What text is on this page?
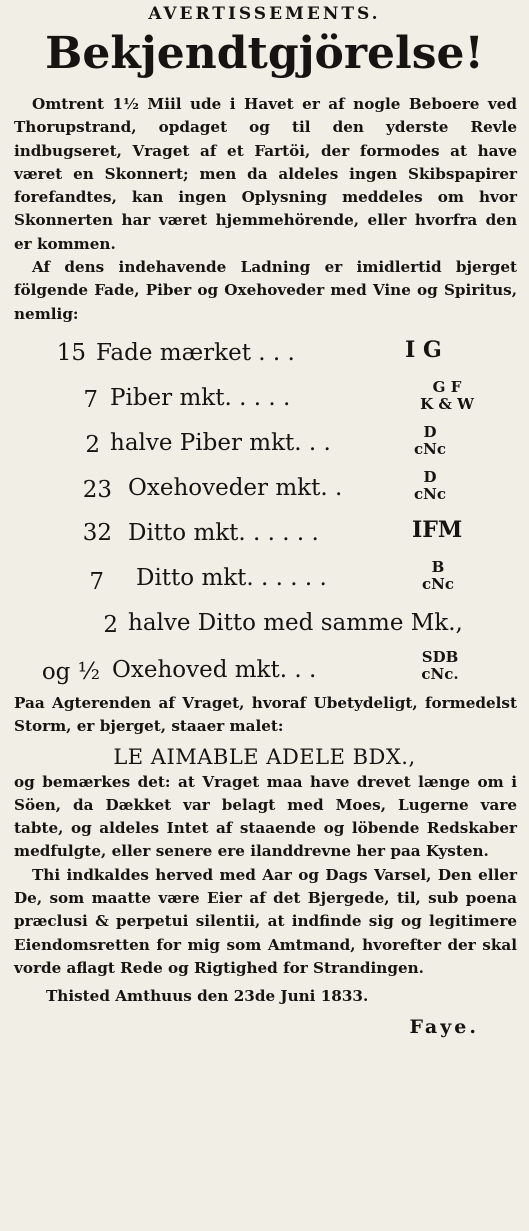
AVERTISSEMENTS.
Bekjendtgjörelse!
Omtrent 1½ Miil ude i Havet er af nogle Beboere ved Thorupstrand, opdaget og til den yderste Revle indbugseret, Vraget af et Fartöi, der formodes at have været en Skonnert; men da aldeles ingen Skibspapirer forefandtes, kan ingen Oplysning meddeles om hvor Skonnerten har været hjemmehörende, eller hvorfra den er kommen.
Af dens indehavende Ladning er imidlertid bjerget fölgende Fade, Piber og Oxehoveder med Vine og Spiritus, nemlig:
15 Fade mærket . . .	I G
7 Piber mkt. . . . .	G F
K & W
2 halve Piber mkt. . .	D
cNc
23 Oxehoveder mkt. .	D
cNc
32 Ditto mkt. . . . . .	IFM
7 Ditto mkt. . . . . .	B
cNc
2 halve Ditto med samme Mk.,
og ½ Oxehoved mkt. . .	SDB
cNc.
Paa Agterenden af Vraget, hvoraf Ubetydeligt, formedelst Storm, er bjerget, staaer malet:
LE AIMABLE ADELE BDX.,
og bemærkes det: at Vraget maa have drevet længe om i Söen, da Dækket var belagt med Moes, Lugerne vare tabte, og aldeles Intet af staaende og löbende Redskaber medfulgte, eller senere ere ilanddrevne her paa Kysten.
Thi indkaldes herved med Aar og Dags Varsel, Den eller De, som maatte være Eier af det Bjergede, til, sub poena præclusi & perpetui silentii, at indfinde sig og legitimere Eiendomsretten for mig som Amtmand, hvorefter der skal vorde aflagt Rede og Rigtighed for Strandingen.
Thisted Amthuus den 23de Juni 1833.
Faye.
